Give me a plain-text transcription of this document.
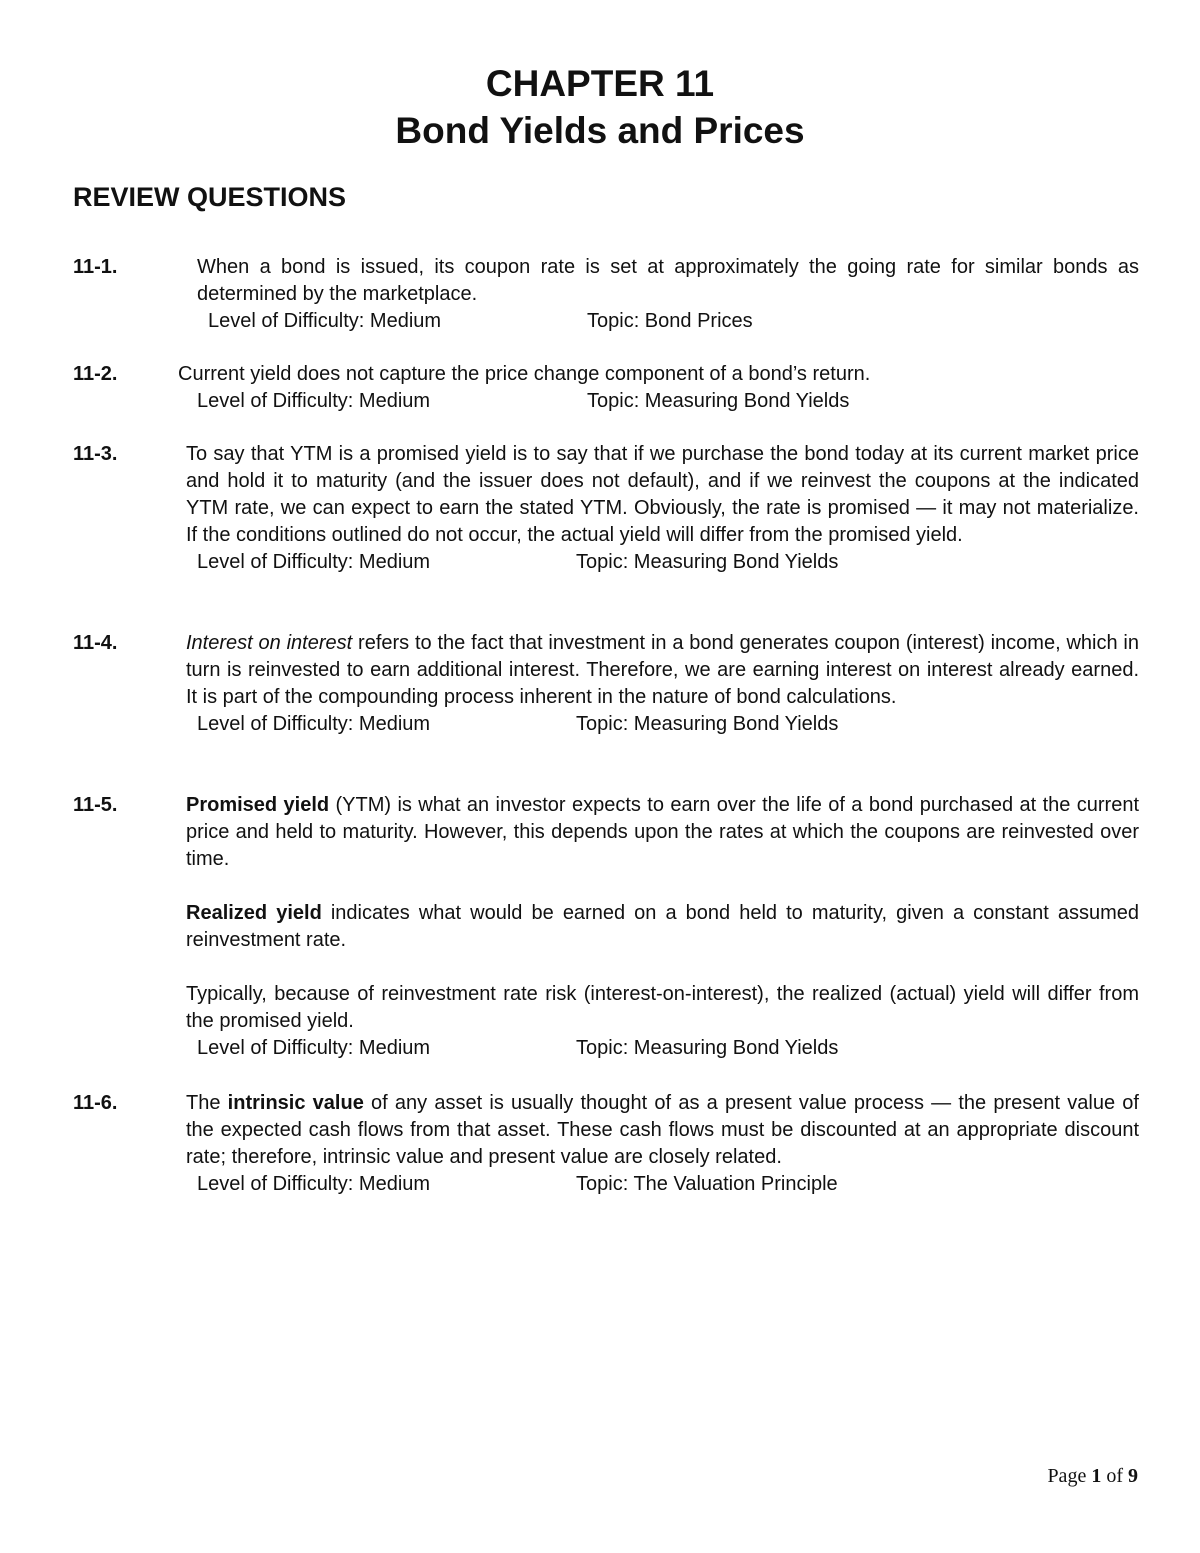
CHAPTER 11
Bond Yields and Prices
REVIEW QUESTIONS
11-1.	When a bond is issued, its coupon rate is set at approximately the going rate for similar bonds as determined by the marketplace.

Level of Difficulty: Medium	Topic: Bond Prices
11-2.	Current yield does not capture the price change component of a bond’s return.

Level of Difficulty: Medium	Topic: Measuring Bond Yields
11-3.	To say that YTM is a promised yield is to say that if we purchase the bond today at its current market price and hold it to maturity (and the issuer does not default), and if we reinvest the coupons at the indicated YTM rate, we can expect to earn the stated YTM. Obviously, the rate is promised — it may not materialize. If the conditions outlined do not occur, the actual yield will differ from the promised yield.

Level of Difficulty: Medium	Topic: Measuring Bond Yields
11-4.	Interest on interest refers to the fact that investment in a bond generates coupon (interest) income, which in turn is reinvested to earn additional interest. Therefore, we are earning interest on interest already earned. It is part of the compounding process inherent in the nature of bond calculations.

Level of Difficulty: Medium	Topic: Measuring Bond Yields
11-5.	Promised yield (YTM) is what an investor expects to earn over the life of a bond purchased at the current price and held to maturity. However, this depends upon the rates at which the coupons are reinvested over time.

Realized yield indicates what would be earned on a bond held to maturity, given a constant assumed reinvestment rate.

Typically, because of reinvestment rate risk (interest-on-interest), the realized (actual) yield will differ from the promised yield.

Level of Difficulty: Medium	Topic: Measuring Bond Yields
11-6.	The intrinsic value of any asset is usually thought of as a present value process — the present value of the expected cash flows from that asset. These cash flows must be discounted at an appropriate discount rate; therefore, intrinsic value and present value are closely related.

Level of Difficulty: Medium	Topic: The Valuation Principle
Page 1 of 9
